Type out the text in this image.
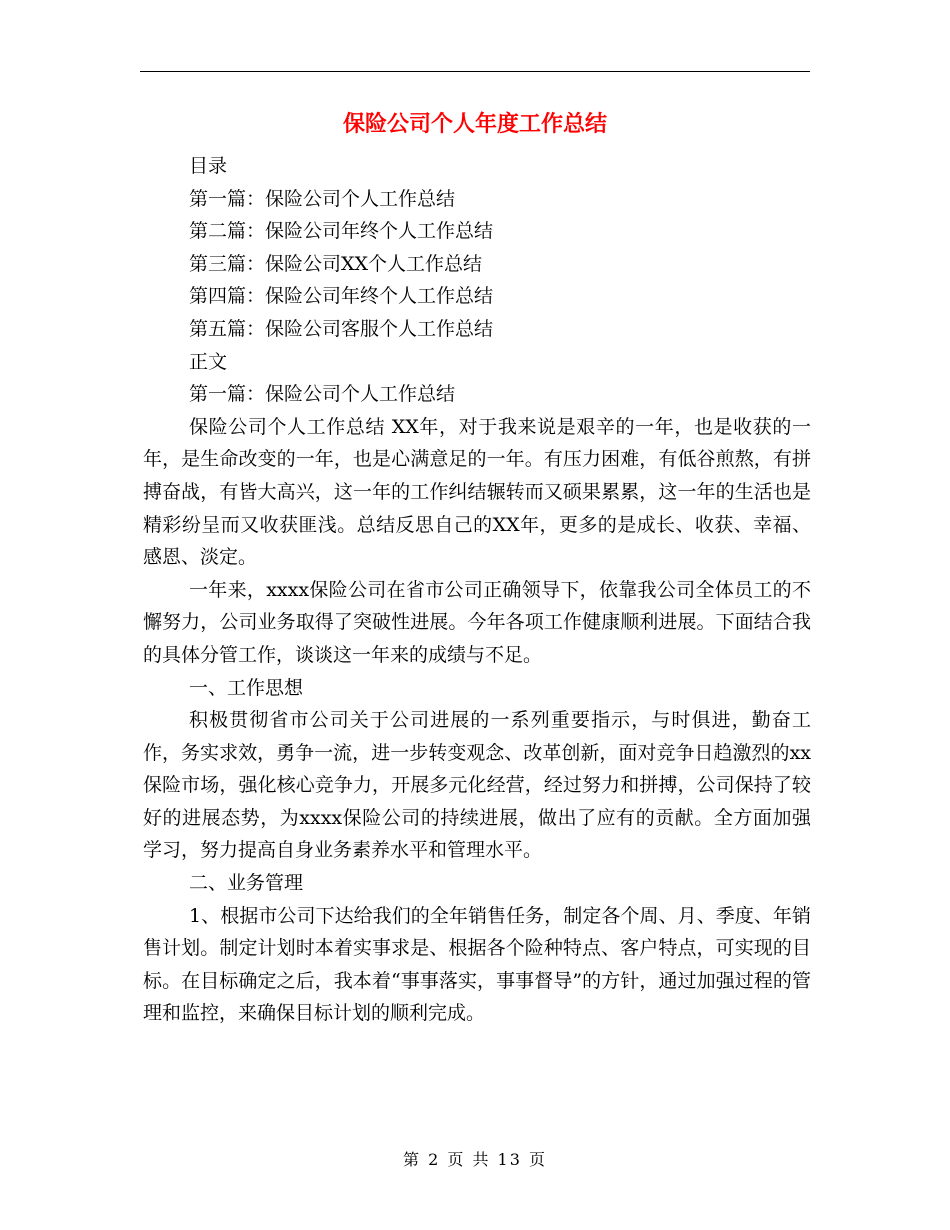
保险公司个人年度工作总结

目录

第一篇：保险公司个人工作总结

第二篇：保险公司年终个人工作总结

第三篇：保险公司XX个人工作总结

第四篇：保险公司年终个人工作总结

第五篇：保险公司客服个人工作总结

正文

第一篇：保险公司个人工作总结

保险公司个人工作总结 XX年，对于我来说是艰辛的一年，也是收获的一年，是生命改变的一年，也是心满意足的一年。有压力困难，有低谷煎熬，有拼搏奋战，有皆大高兴，这一年的工作纠结辗转而又硕果累累，这一年的生活也是精彩纷呈而又收获匪浅。总结反思自己的XX年，更多的是成长、收获、幸福、感恩、淡定。

一年来，xxxx保险公司在省市公司正确领导下，依靠我公司全体员工的不懈努力，公司业务取得了突破性进展。今年各项工作健康顺利进展。下面结合我的具体分管工作，谈谈这一年来的成绩与不足。

一、工作思想

积极贯彻省市公司关于公司进展的一系列重要指示，与时俱进，勤奋工作，务实求效，勇争一流，进一步转变观念、改革创新，面对竞争日趋激烈的xx保险市场，强化核心竞争力，开展多元化经营，经过努力和拼搏，公司保持了较好的进展态势，为xxxx保险公司的持续进展，做出了应有的贡献。全方面加强学习，努力提高自身业务素养水平和管理水平。

二、业务管理

1、根据市公司下达给我们的全年销售任务，制定各个周、月、季度、年销售计划。制定计划时本着实事求是、根据各个险种特点、客户特点，可实现的目标。在目标确定之后，我本着“事事落实，事事督导”的方针，通过加强过程的管理和监控，来确保目标计划的顺利完成。

第 2 页 共 13 页
